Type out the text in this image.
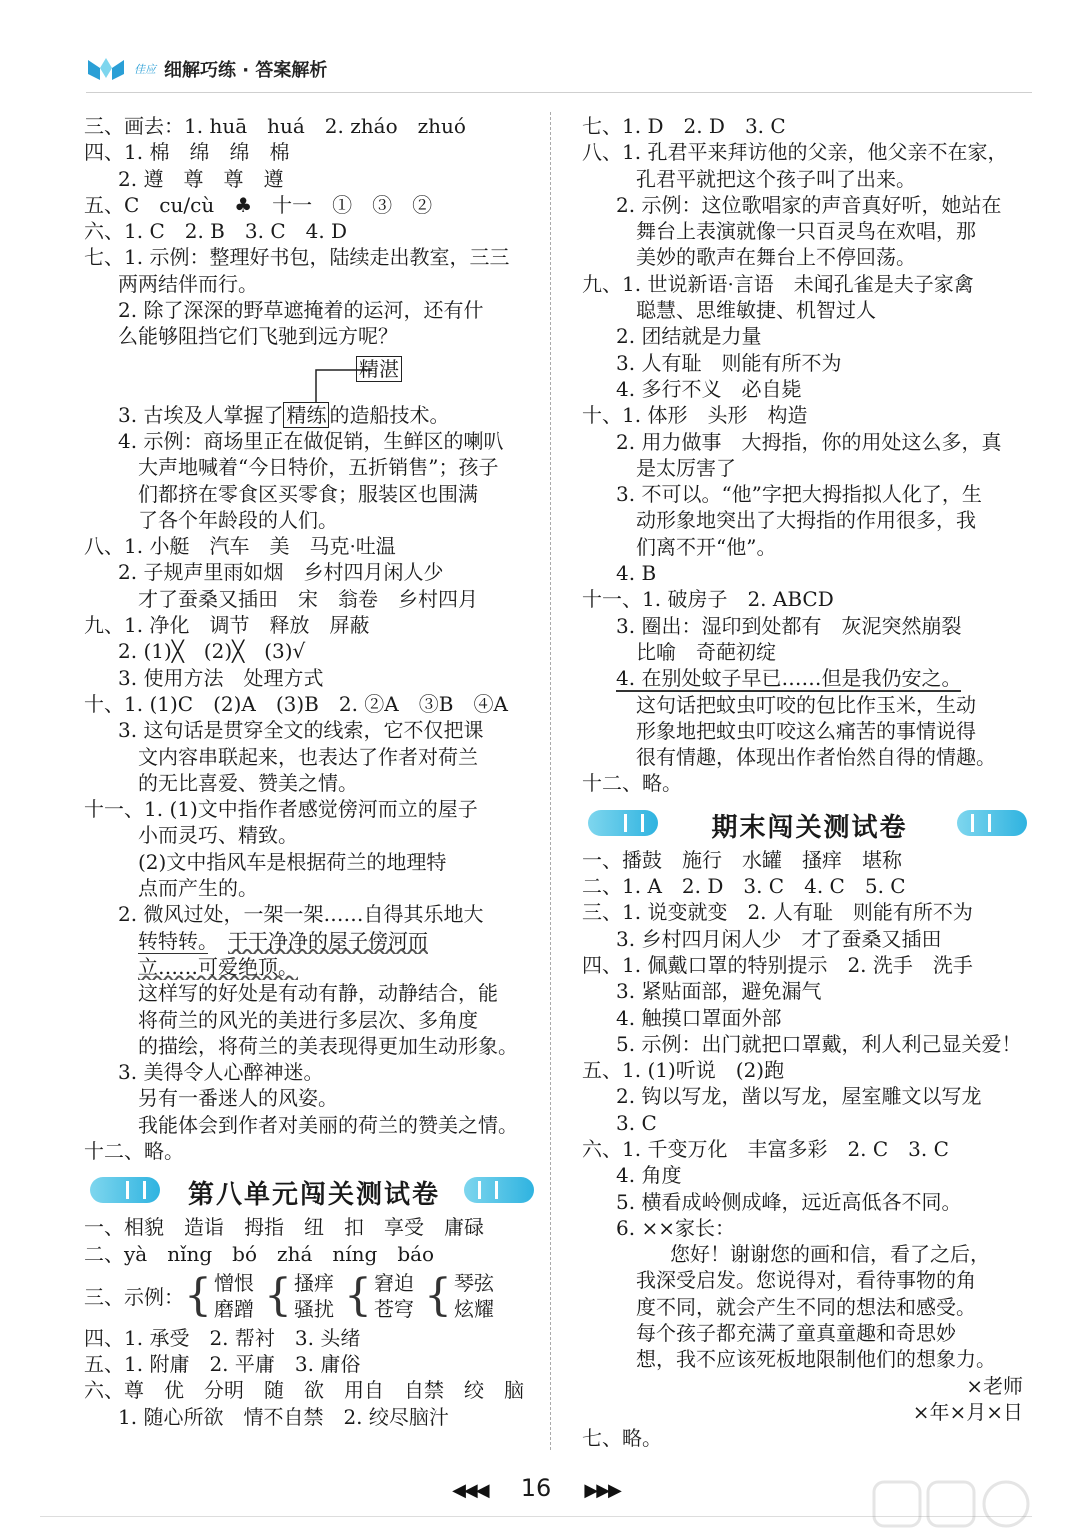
佳应 细解巧练 · 答案解析
三、画去：1. huā　huá　2. zháo　zhuó
四、1. 棉　绵　绵　棉
2. 遵　尊　尊　遵
五、C　cu/cù　♣　十一　①　③　②
六、1. C　2. B　3. C　4. D
七、1. 示例：整理好书包，陆续走出教室，三三
两两结伴而行。
2. 除了深深的野草遮掩着的运河，还有什
么能够阻挡它们飞驰到远方呢？
精湛
3. 古埃及人掌握了 精练 的造船技术。
4. 示例：商场里正在做促销，生鲜区的喇叭
大声地喊着“今日特价，五折销售”；孩子
们都挤在零食区买零食；服装区也围满
了各个年龄段的人们。
八、1. 小艇　汽车　美　马克·吐温
2. 子规声里雨如烟　乡村四月闲人少
才了蚕桑又插田　宋　翁卷　乡村四月
九、1. 净化　调节　释放　屏蔽
2. (1)╳　(2)╳　(3)√
3. 使用方法　处理方式
十、1. (1)C　(2)A　(3)B　2. ②A　③B　④A
3. 这句话是贯穿全文的线索，它不仅把课
文内容串联起来，也表达了作者对荷兰
的无比喜爱、赞美之情。
十一、1. (1)文中指作者感觉傍河而立的屋子
小而灵巧、精致。
(2)文中指风车是根据荷兰的地理特
点而产生的。
2. 微风过处，一架一架……自得其乐地大
转特转。　 干干净净的屋子傍河而
立……可爱绝顶。
这样写的好处是有动有静，动静结合，能
将荷兰的风光的美进行多层次、多角度
的描绘，将荷兰的美表现得更加生动形象。
3. 美得令人心醉神迷。
另有一番迷人的风姿。
我能体会到作者对美丽的荷兰的赞美之情。
十二、略。
第八单元闯关测试卷
一、相貌　造诣　拇指　纽　扣　享受　庸碌
二、yà　nǐng　bó　zhá　níng　báo
三、示例： { 憎恨
磨蹭 { 搔痒
骚扰 { 窘迫
苍穹 { 琴弦
炫耀
四、1. 承受　2. 帮衬　3. 头绪
五、1. 附庸　2. 平庸　3. 庸俗
六、尊　优　分明　随　欲　用自　自禁　绞　脑
1. 随心所欲　情不自禁　2. 绞尽脑汁
七、1. D　2. D　3. C
八、1. 孔君平来拜访他的父亲，他父亲不在家，
孔君平就把这个孩子叫了出来。
2. 示例：这位歌唱家的声音真好听，她站在
舞台上表演就像一只百灵鸟在欢唱，那
美妙的歌声在舞台上不停回荡。
九、1. 世说新语·言语　未闻孔雀是夫子家禽
聪慧、思维敏捷、机智过人
2. 团结就是力量
3. 人有耻　则能有所不为
4. 多行不义　必自毙
十、1. 体形　头形　构造
2. 用力做事　大拇指，你的用处这么多，真
是太厉害了
3. 不可以。“他”字把大拇指拟人化了，生
动形象地突出了大拇指的作用很多，我
们离不开“他”。
4. B
十一、1. 破房子　2. ABCD
3. 圈出：湿印到处都有　灰泥突然崩裂
比喻　奇葩初绽
4. 在别处蚊子早已……但是我仍安之。
这句话把蚊虫叮咬的包比作玉米，生动
形象地把蚊虫叮咬这么痛苦的事情说得
很有情趣，体现出作者怡然自得的情趣。
十二、略。
期末闯关测试卷
一、播鼓　施行　水罐　搔痒　堪称
二、1. A　2. D　3. C　4. C　5. C
三、1. 说变就变　2. 人有耻　则能有所不为
3. 乡村四月闲人少　才了蚕桑又插田
四、1. 佩戴口罩的特别提示　2. 洗手　洗手
3. 紧贴面部，避免漏气
4. 触摸口罩面外部
5. 示例：出门就把口罩戴，利人利己显关爱！
五、1. (1)听说　(2)跑
2. 钩以写龙，凿以写龙，屋室雕文以写龙
3. C
六、1. 千变万化　丰富多彩　2. C　3. C
4. 角度
5. 横看成岭侧成峰，远近高低各不同。
6. ××家长：
您好！谢谢您的画和信，看了之后，
我深受启发。您说得对，看待事物的角
度不同，就会产生不同的想法和感受。
每个孩子都充满了童真童趣和奇思妙
想，我不应该死板地限制他们的想象力。
×老师
×年×月×日
七、略。
◀◀◀ 16 ▶▶▶
